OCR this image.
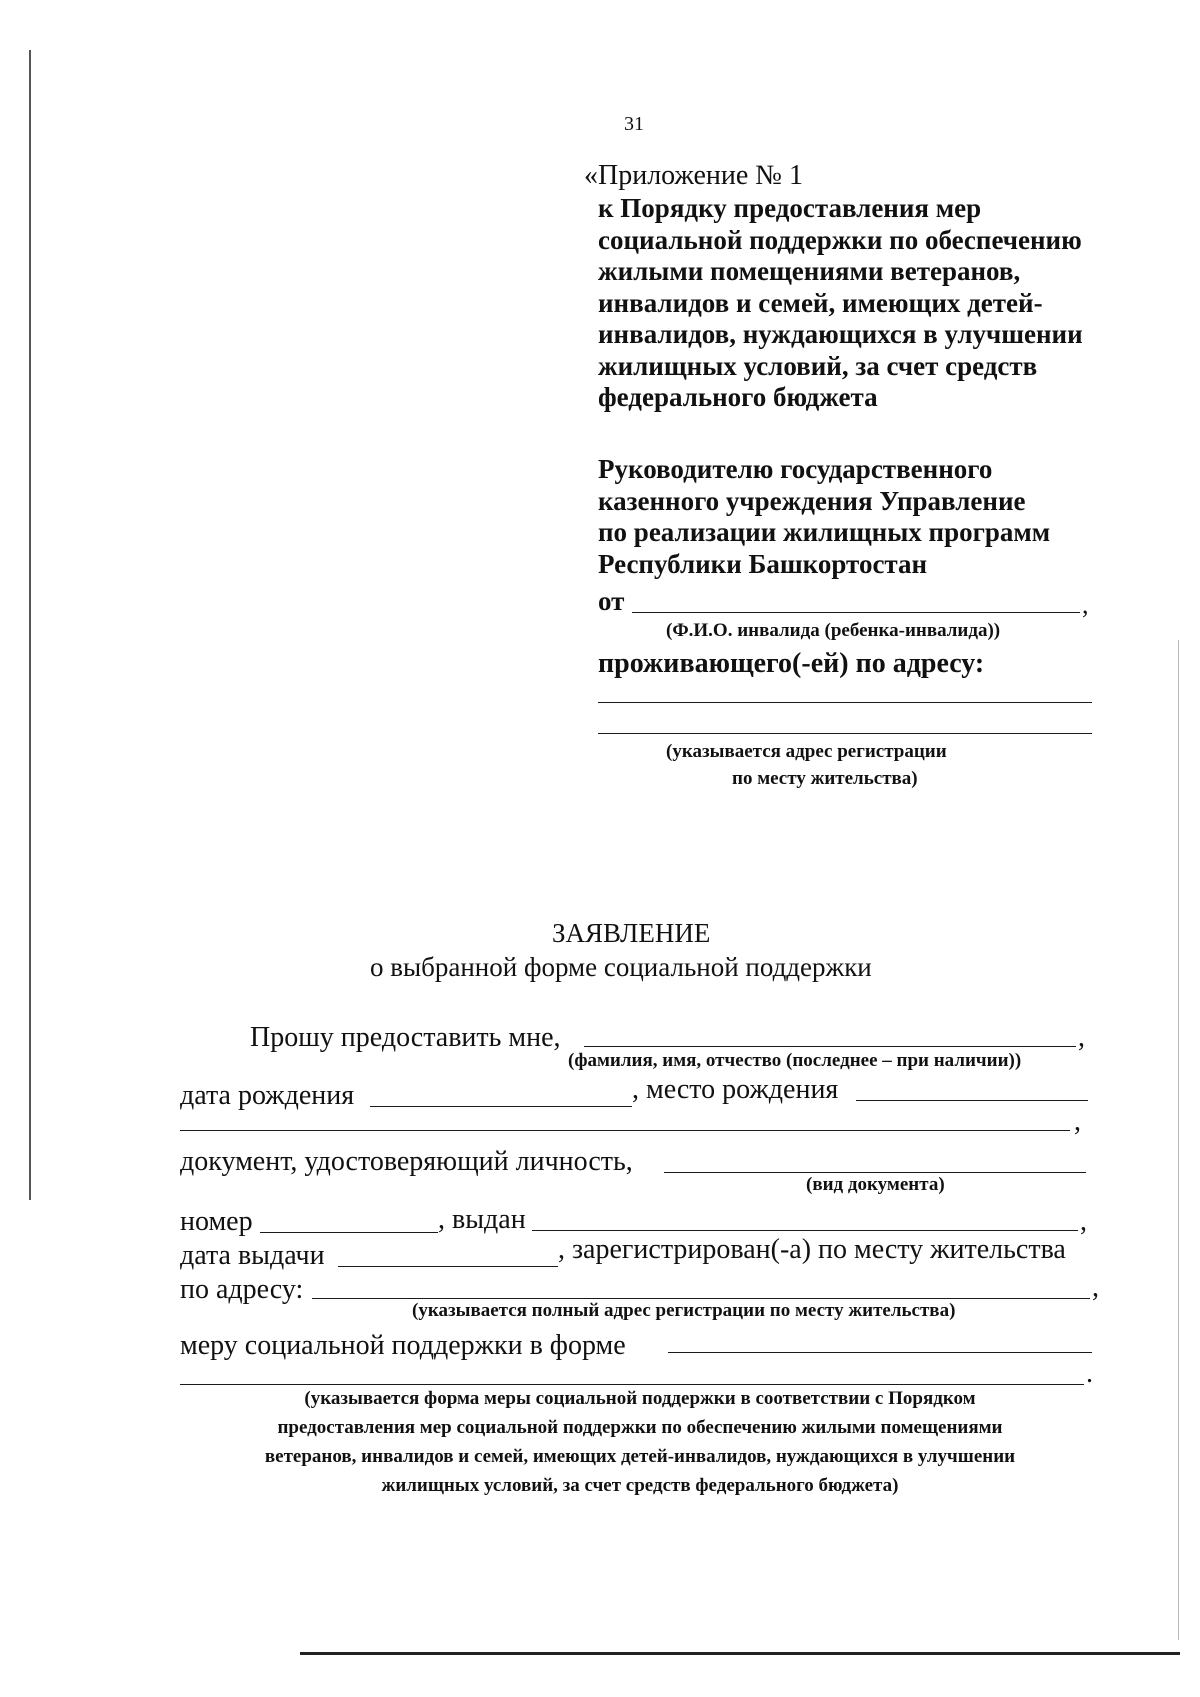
31
«Приложение № 1
к Порядку предоставления мер
социальной поддержки по обеспечению
жилыми помещениями ветеранов,
инвалидов и семей, имеющих детей-
инвалидов, нуждающихся в улучшении
жилищных условий, за счет средств
федерального бюджета
Руководителю государственного
казенного учреждения Управление
по реализации жилищных программ
Республики Башкортостан
от	,
(Ф.И.О. инвалида (ребенка-инвалида))
проживающего(-ей) по адресу:
(указывается адрес регистрации
по месту жительства)
ЗАЯВЛЕНИЕ
о выбранной форме социальной поддержки
Прошу предоставить мне,	,
(фамилия, имя, отчество (последнее – при наличии))
дата рождения	, место рождения
,
документ, удостоверяющий личность,
(вид документа)
номер	, выдан	,
дата выдачи	, зарегистрирован(-а) по месту жительства
по адресу:	,
(указывается полный адрес регистрации по месту жительства)
меру социальной поддержки в форме
.
(указывается форма меры социальной поддержки в соответствии с Порядком
предоставления мер социальной поддержки по обеспечению жилыми помещениями
ветеранов, инвалидов и семей, имеющих детей-инвалидов, нуждающихся в улучшении
жилищных условий, за счет средств федерального бюджета)
